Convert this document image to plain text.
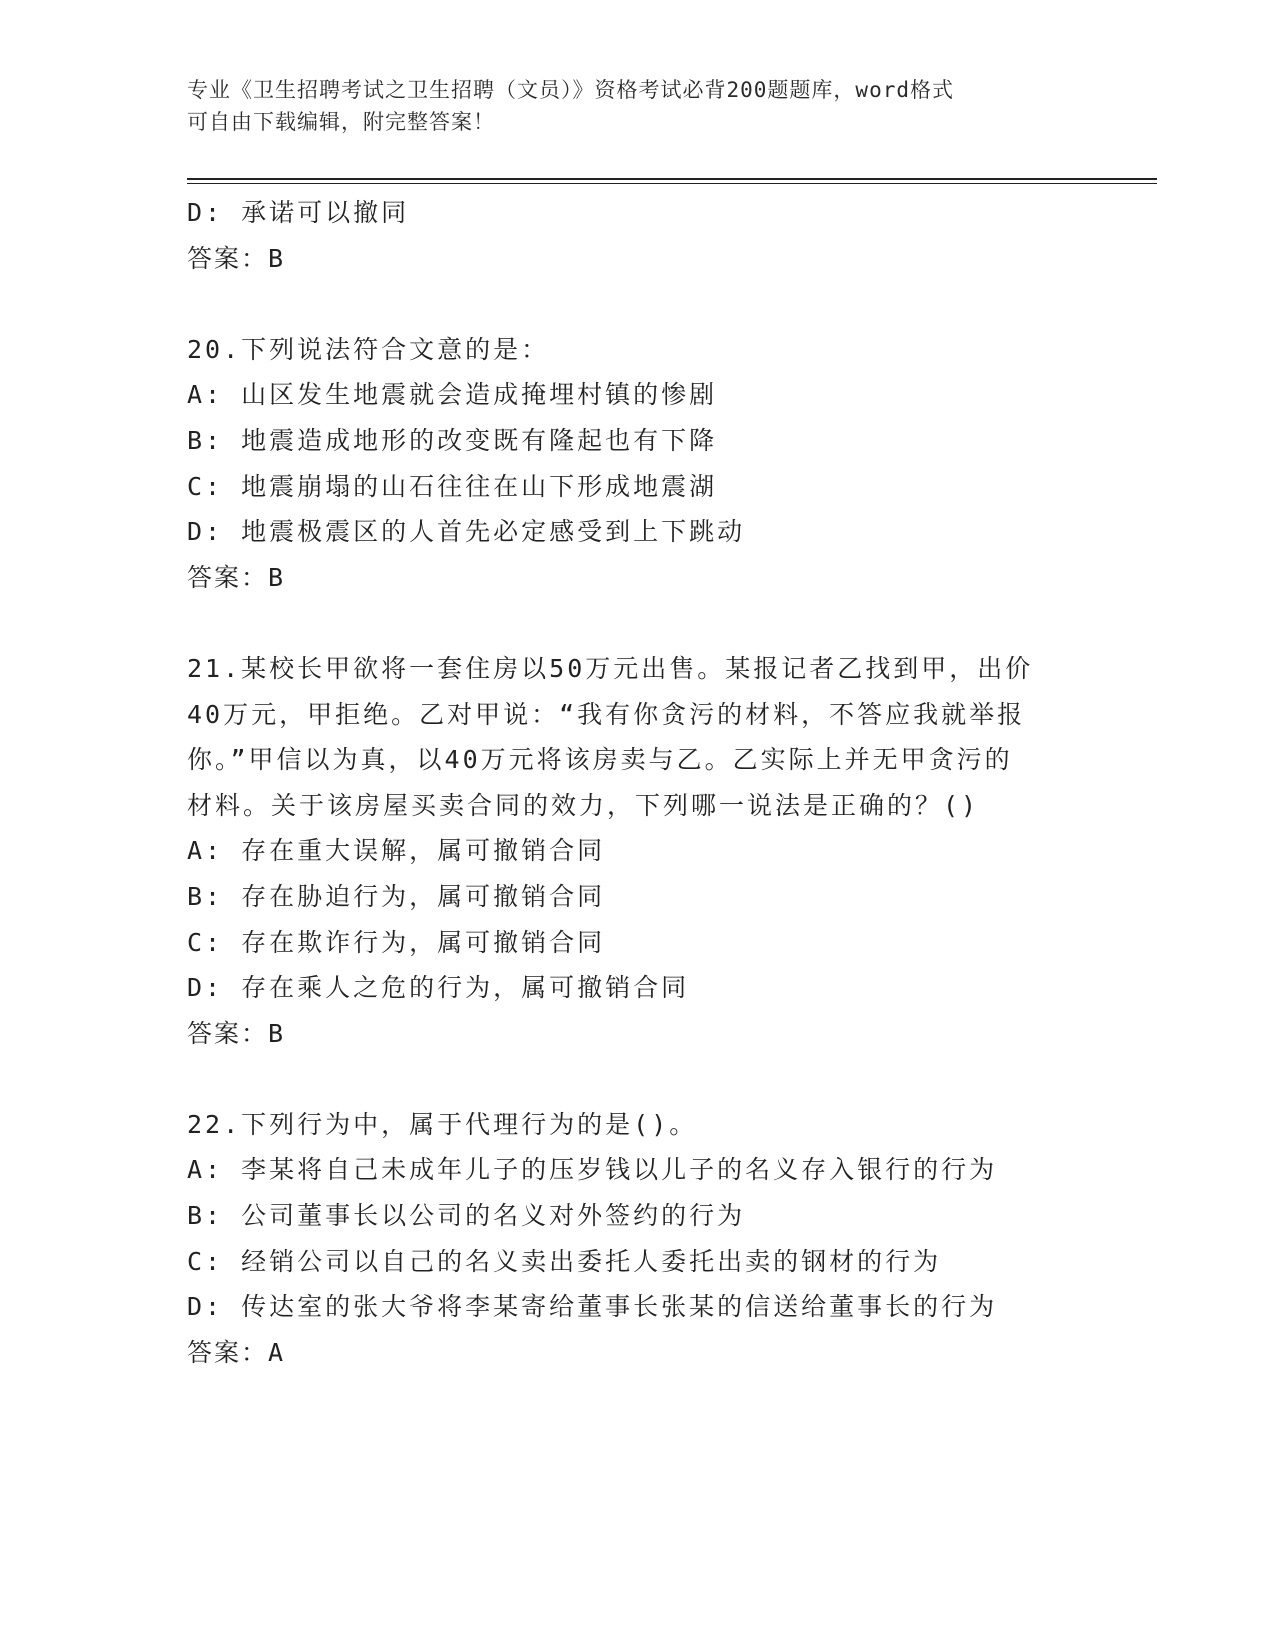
专业《卫生招聘考试之卫生招聘（文员）》资格考试必背200题题库，word格式
可自由下载编辑，附完整答案！

D: 承诺可以撤同

答案：B

20.下列说法符合文意的是：

A: 山区发生地震就会造成掩埋村镇的惨剧

B: 地震造成地形的改变既有隆起也有下降

C: 地震崩塌的山石往往在山下形成地震湖

D: 地震极震区的人首先必定感受到上下跳动

答案：B

21.某校长甲欲将一套住房以50万元出售。某报记者乙找到甲，出价

40万元，甲拒绝。乙对甲说：“我有你贪污的材料，不答应我就举报

你。”甲信以为真，以40万元将该房卖与乙。乙实际上并无甲贪污的

材料。关于该房屋买卖合同的效力，下列哪一说法是正确的？()

A: 存在重大误解，属可撤销合同

B: 存在胁迫行为，属可撤销合同

C: 存在欺诈行为，属可撤销合同

D: 存在乘人之危的行为，属可撤销合同

答案：B

22.下列行为中，属于代理行为的是()。

A: 李某将自己未成年儿子的压岁钱以儿子的名义存入银行的行为

B: 公司董事长以公司的名义对外签约的行为

C: 经销公司以自己的名义卖出委托人委托出卖的钢材的行为

D: 传达室的张大爷将李某寄给董事长张某的信送给董事长的行为

答案：A
